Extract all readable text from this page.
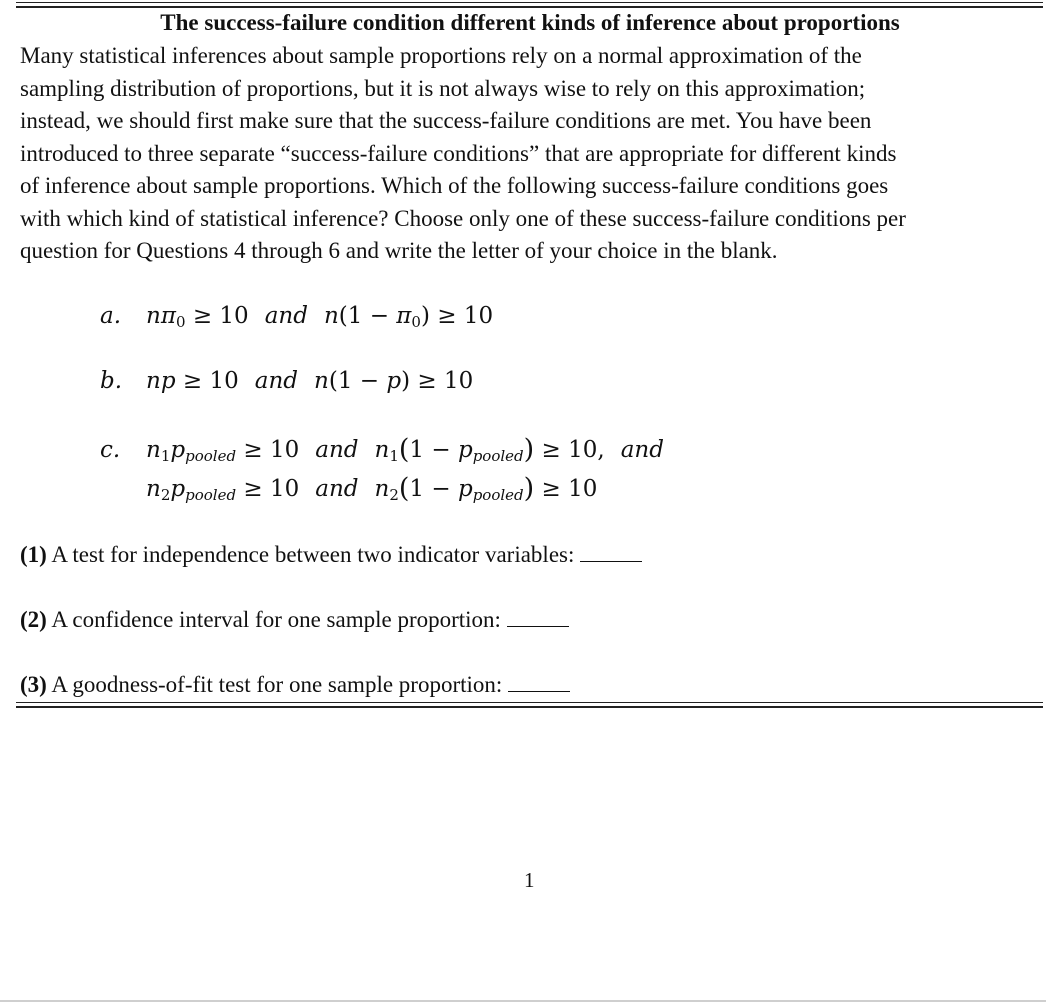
The success-failure condition different kinds of inference about proportions

Many statistical inferences about sample proportions rely on a normal approximation of the
sampling distribution of proportions, but it is not always wise to rely on this approximation;
instead, we should first make sure that the success-failure conditions are met. You have been
introduced to three separate “success-failure conditions” that are appropriate for different kinds
of inference about sample proportions. Which of the following success-failure conditions goes
with which kind of statistical inference? Choose only one of these success-failure conditions per
question for Questions 4 through 6 and write the letter of your choice in the blank.

a. $n\pi_0 \ge 10$ and $n(1 - \pi_0) \ge 10$
b. np ≥ 10 and n(1 − p) ≥ 10
c. $n_1p_{pooled} \ge 10$ and $n_1(1 - p_{pooled}) \ge 10$, and
$n_2p_{pooled} \ge 10$ and $n_2(1 - p_{pooled}) \ge 10$
(1) A test for independence between two indicator variables:
(2) A confidence interval for one sample proportion:
(3) A goodness-of-fit test for one sample proportion:
1
